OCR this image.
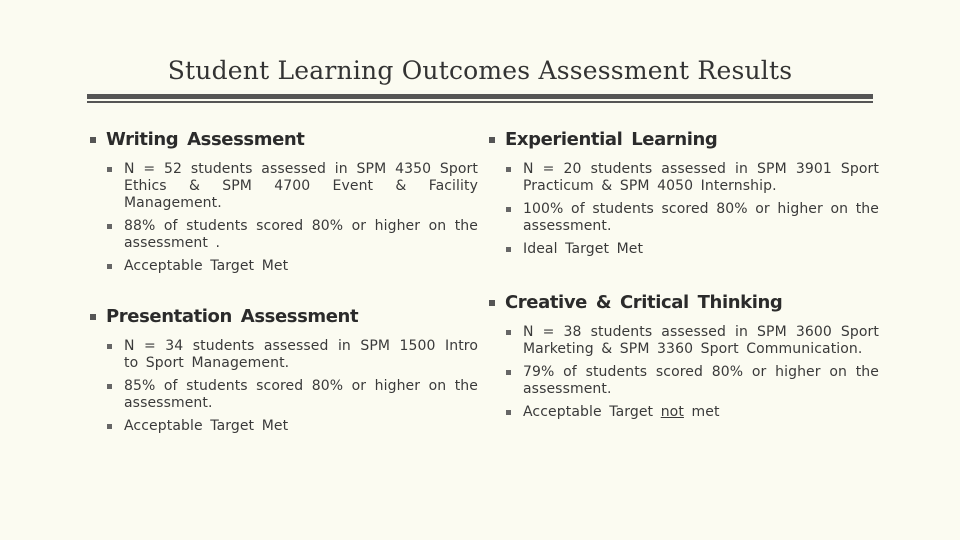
Student Learning Outcomes Assessment Results
Writing Assessment
N = 52 students assessed in SPM 4350 Sport Ethics & SPM 4700 Event & Facility Management.
88% of students scored 80% or higher on the assessment .
Acceptable Target Met
Presentation Assessment
N = 34 students assessed in SPM 1500 Intro to Sport Management.
85% of students scored 80% or higher on the assessment.
Acceptable Target Met
Experiential Learning
N = 20 students assessed in SPM 3901 Sport Practicum & SPM 4050 Internship.
100% of students scored 80% or higher on the assessment.
Ideal Target Met
Creative & Critical Thinking
N = 38 students assessed in SPM 3600 Sport Marketing & SPM 3360 Sport Communication.
79% of students scored 80% or higher on the assessment.
Acceptable Target not met
